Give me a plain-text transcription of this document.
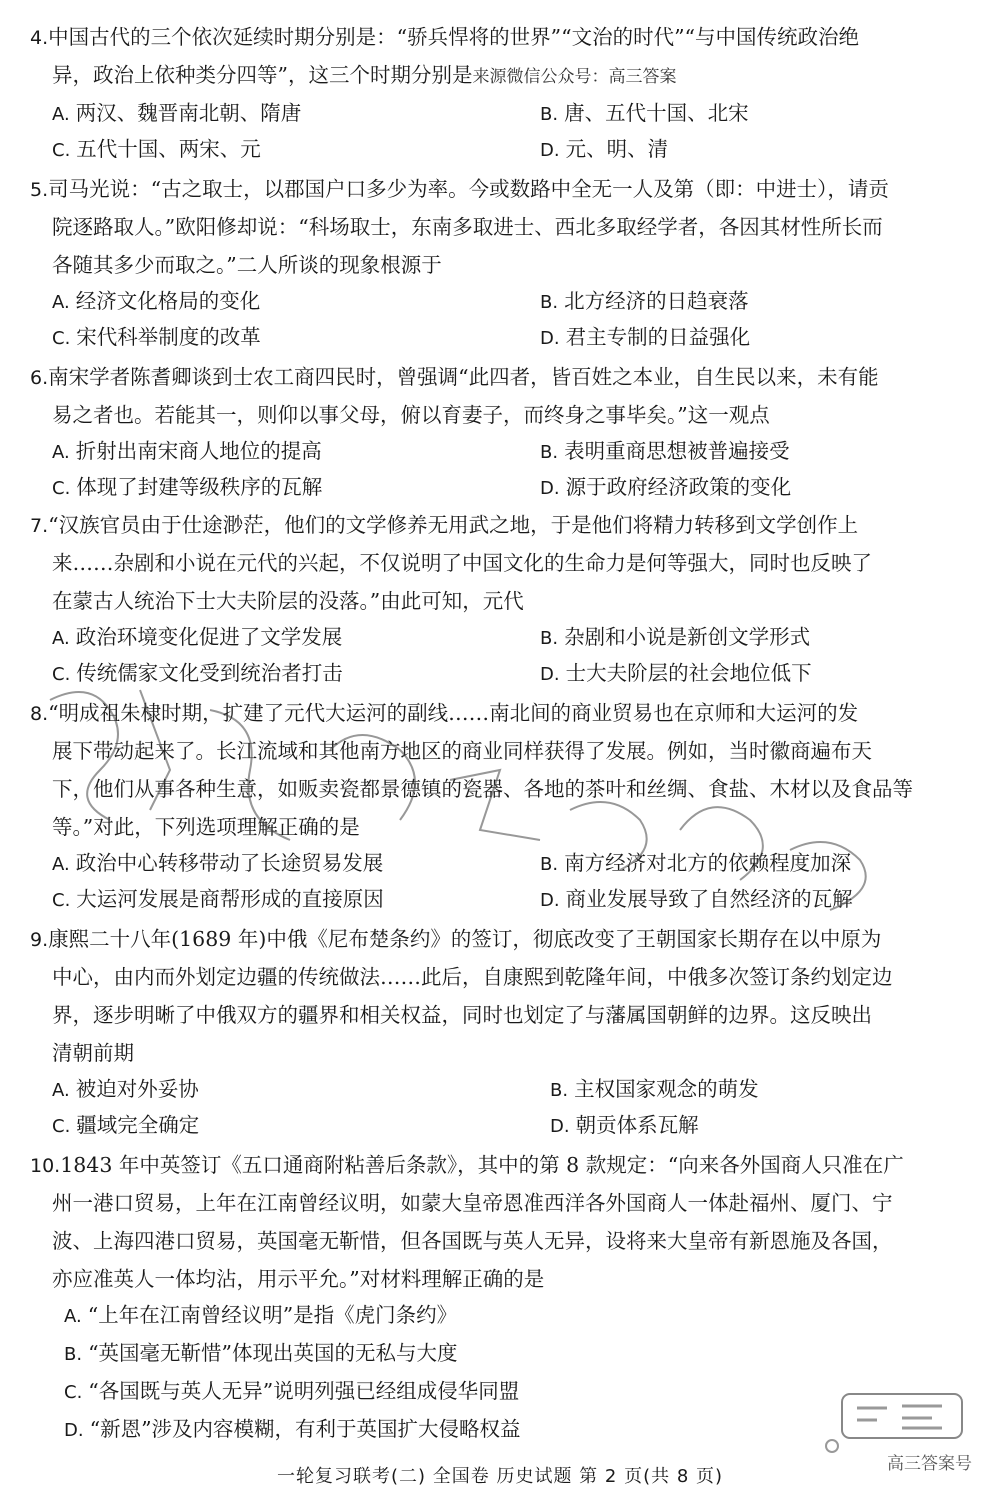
4.中国古代的三个依次延续时期分别是：“骄兵悍将的世界”“文治的时代”“与中国传统政治绝
异，政治上依种类分四等”，这三个时期分别是来源微信公众号：高三答案
A. 两汉、魏晋南北朝、隋唐	B. 唐、五代十国、北宋
C. 五代十国、两宋、元	D. 元、明、清
5.司马光说：“古之取士，以郡国户口多少为率。今或数路中全无一人及第（即：中进士），请贡
院逐路取人。”欧阳修却说：“科场取士，东南多取进士、西北多取经学者，各因其材性所长而
各随其多少而取之。”二人所谈的现象根源于
A. 经济文化格局的变化	B. 北方经济的日趋衰落
C. 宋代科举制度的改革	D. 君主专制的日益强化
6.南宋学者陈耆卿谈到士农工商四民时，曾强调“此四者，皆百姓之本业，自生民以来，未有能
易之者也。若能其一，则仰以事父母，俯以育妻子，而终身之事毕矣。”这一观点
A. 折射出南宋商人地位的提高	B. 表明重商思想被普遍接受
C. 体现了封建等级秩序的瓦解	D. 源于政府经济政策的变化
7.“汉族官员由于仕途渺茫，他们的文学修养无用武之地，于是他们将精力转移到文学创作上
来……杂剧和小说在元代的兴起，不仅说明了中国文化的生命力是何等强大，同时也反映了
在蒙古人统治下士大夫阶层的没落。”由此可知，元代
A. 政治环境变化促进了文学发展	B. 杂剧和小说是新创文学形式
C. 传统儒家文化受到统治者打击	D. 士大夫阶层的社会地位低下
8.“明成祖朱棣时期，扩建了元代大运河的副线……南北间的商业贸易也在京师和大运河的发
展下带动起来了。长江流域和其他南方地区的商业同样获得了发展。例如，当时徽商遍布天
下，他们从事各种生意，如贩卖瓷都景德镇的瓷器、各地的茶叶和丝绸、食盐、木材以及食品等
等。”对此，下列选项理解正确的是
A. 政治中心转移带动了长途贸易发展	B. 南方经济对北方的依赖程度加深
C. 大运河发展是商帮形成的直接原因	D. 商业发展导致了自然经济的瓦解
9.康熙二十八年(1689 年)中俄《尼布楚条约》的签订，彻底改变了王朝国家长期存在以中原为
中心，由内而外划定边疆的传统做法……此后，自康熙到乾隆年间，中俄多次签订条约划定边
界，逐步明晰了中俄双方的疆界和相关权益，同时也划定了与藩属国朝鲜的边界。这反映出
清朝前期
A. 被迫对外妥协	B. 主权国家观念的萌发
C. 疆域完全确定	D. 朝贡体系瓦解
10.1843 年中英签订《五口通商附粘善后条款》，其中的第 8 款规定：“向来各外国商人只准在广
州一港口贸易，上年在江南曾经议明，如蒙大皇帝恩准西洋各外国商人一体赴福州、厦门、宁
波、上海四港口贸易，英国毫无靳惜，但各国既与英人无异，设将来大皇帝有新恩施及各国，
亦应准英人一体均沾，用示平允。”对材料理解正确的是
A. “上年在江南曾经议明”是指《虎门条约》
B. “英国毫无靳惜”体现出英国的无私与大度
C. “各国既与英人无异”说明列强已经组成侵华同盟
D. “新恩”涉及内容模糊，有利于英国扩大侵略权益
高三答案号
一轮复习联考(二) 全国卷 历史试题 第 2 页(共 8 页)
